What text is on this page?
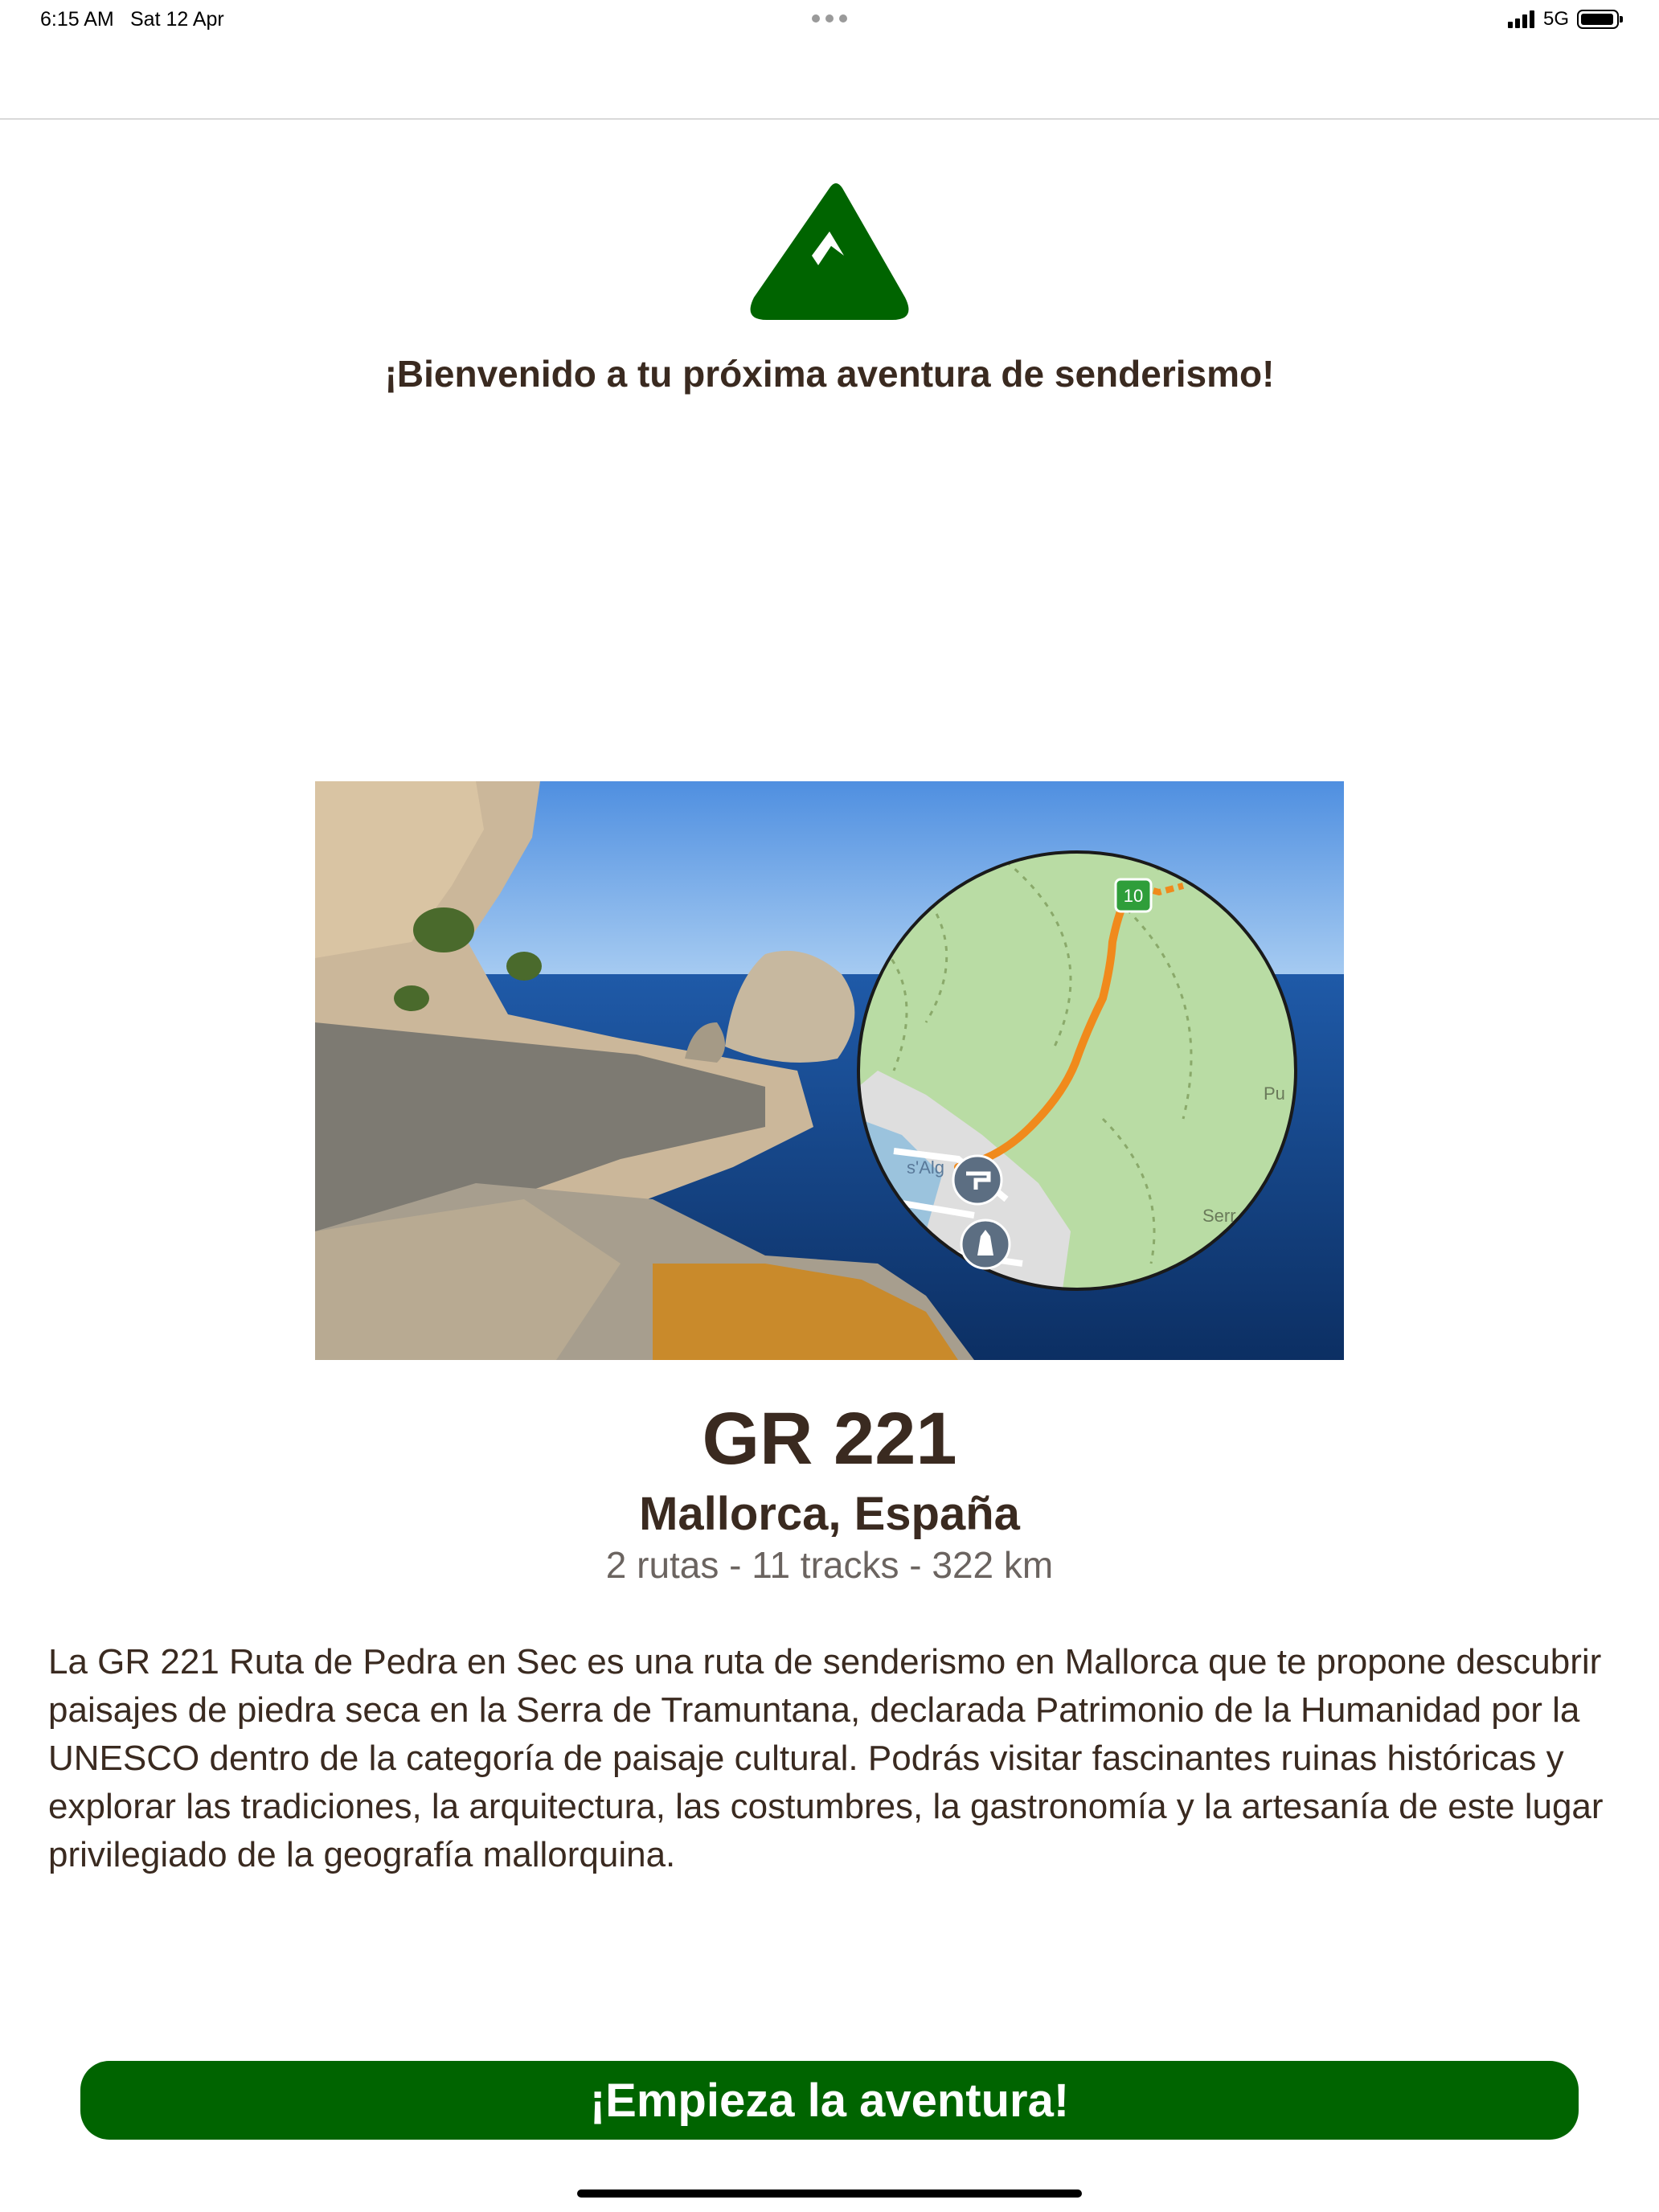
6:15 AM Sat 12 Apr	5G
¡Bienvenido a tu próxima aventura de senderismo!
10
s'Alg
Pu
Serr
GR 221
Mallorca, España
2 rutas - 11 tracks - 322 km

La GR 221 Ruta de Pedra en Sec es una ruta de senderismo en Mallorca que te propone descubrir paisajes de piedra seca en la Serra de Tramuntana, declarada Patrimonio de la Humanidad por la UNESCO dentro de la categoría de paisaje cultural. Podrás visitar fascinantes ruinas históricas y explorar las tradiciones, la arquitectura, las costumbres, la gastronomía y la artesanía de este lugar privilegiado de la geografía mallorquina.

¡Empieza la aventura!
